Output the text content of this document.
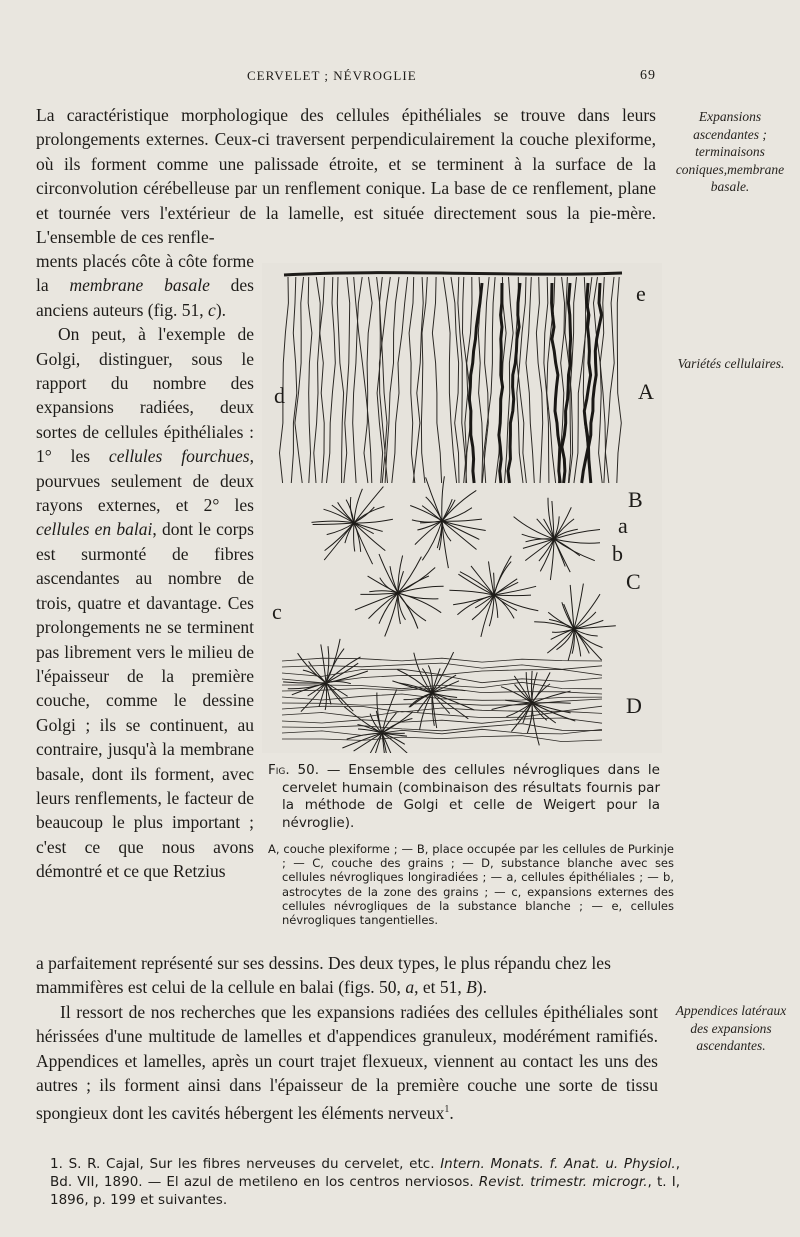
CERVELET ; NÉVROGLIE	69

La caractéristique morphologique des cellules épithéliales se trouve dans leurs prolongements externes. Ceux-ci traversent perpendiculairement la couche plexiforme, où ils forment comme une palissade étroite, et se terminent à la surface de la circonvolution cérébelleuse par un renflement conique. La base de ce renflement, plane et tournée vers l'extérieur de la lamelle, est située directement sous la pie-mère. L'ensemble de ces renfle-

ments placés côte à côte forme la membrane basale des anciens auteurs (fig. 51, c).

On peut, à l'exemple de Golgi, distinguer, sous le rapport du nombre des expansions radiées, deux sortes de cellules épithéliales : 1° les cellules fourchues, pourvues seulement de deux rayons externes, et 2° les cellules en balai, dont le corps est surmonté de fibres ascendantes au nombre de trois, quatre et davantage. Ces prolongements ne se terminent pas librement vers le milieu de l'épaisseur de la première couche, comme le dessine Golgi ; ils se continuent, au contraire, jusqu'à la membrane basale, dont ils forment, avec leurs renflements, le facteur de beaucoup le plus important ; c'est ce que nous avons démontré et ce que Retzius

a parfaitement représenté sur ses dessins. Des deux types, le plus répandu chez les mammifères est celui de la cellule en balai (figs. 50, a, et 51, B).

Il ressort de nos recherches que les expansions radiées des cellules épithéliales sont hérissées d'une multitude de lamelles et d'appendices granuleux, modérément ramifiés. Appendices et lamelles, après un court trajet flexueux, viennent au contact les uns des autres ; ils forment ainsi dans l'épaisseur de la première couche une sorte de tissu spongieux dont les cavités hébergent les éléments nerveux$^1$.

Expansions ascendantes ; terminaisons coniques,membrane basale.
Variétés cellulaires.
Appendices latéraux des expansions ascendantes.
d	A
e
B
a
b
C
c
D

Fig. 50. — Ensemble des cellules névrogliques dans le cervelet humain (combinaison des résultats fournis par la méthode de Golgi et celle de Weigert pour la névroglie).

A, couche plexiforme ; — B, place occupée par les cellules de Purkinje ; — C, couche des grains ; — D, substance blanche avec ses cellules névrogliques longiradiées ; — a, cellules épithéliales ; — b, astrocytes de la zone des grains ; — c, expansions externes des cellules névrogliques de la substance blanche ; — e, cellules névrogliques tangentielles.

1. S. R. Cajal, Sur les fibres nerveuses du cervelet, etc. Intern. Monats. f. Anat. u. Physiol., Bd. VII, 1890. — El azul de metileno en los centros nerviosos. Revist. trimestr. microgr., t. I, 1896, p. 199 et suivantes.
